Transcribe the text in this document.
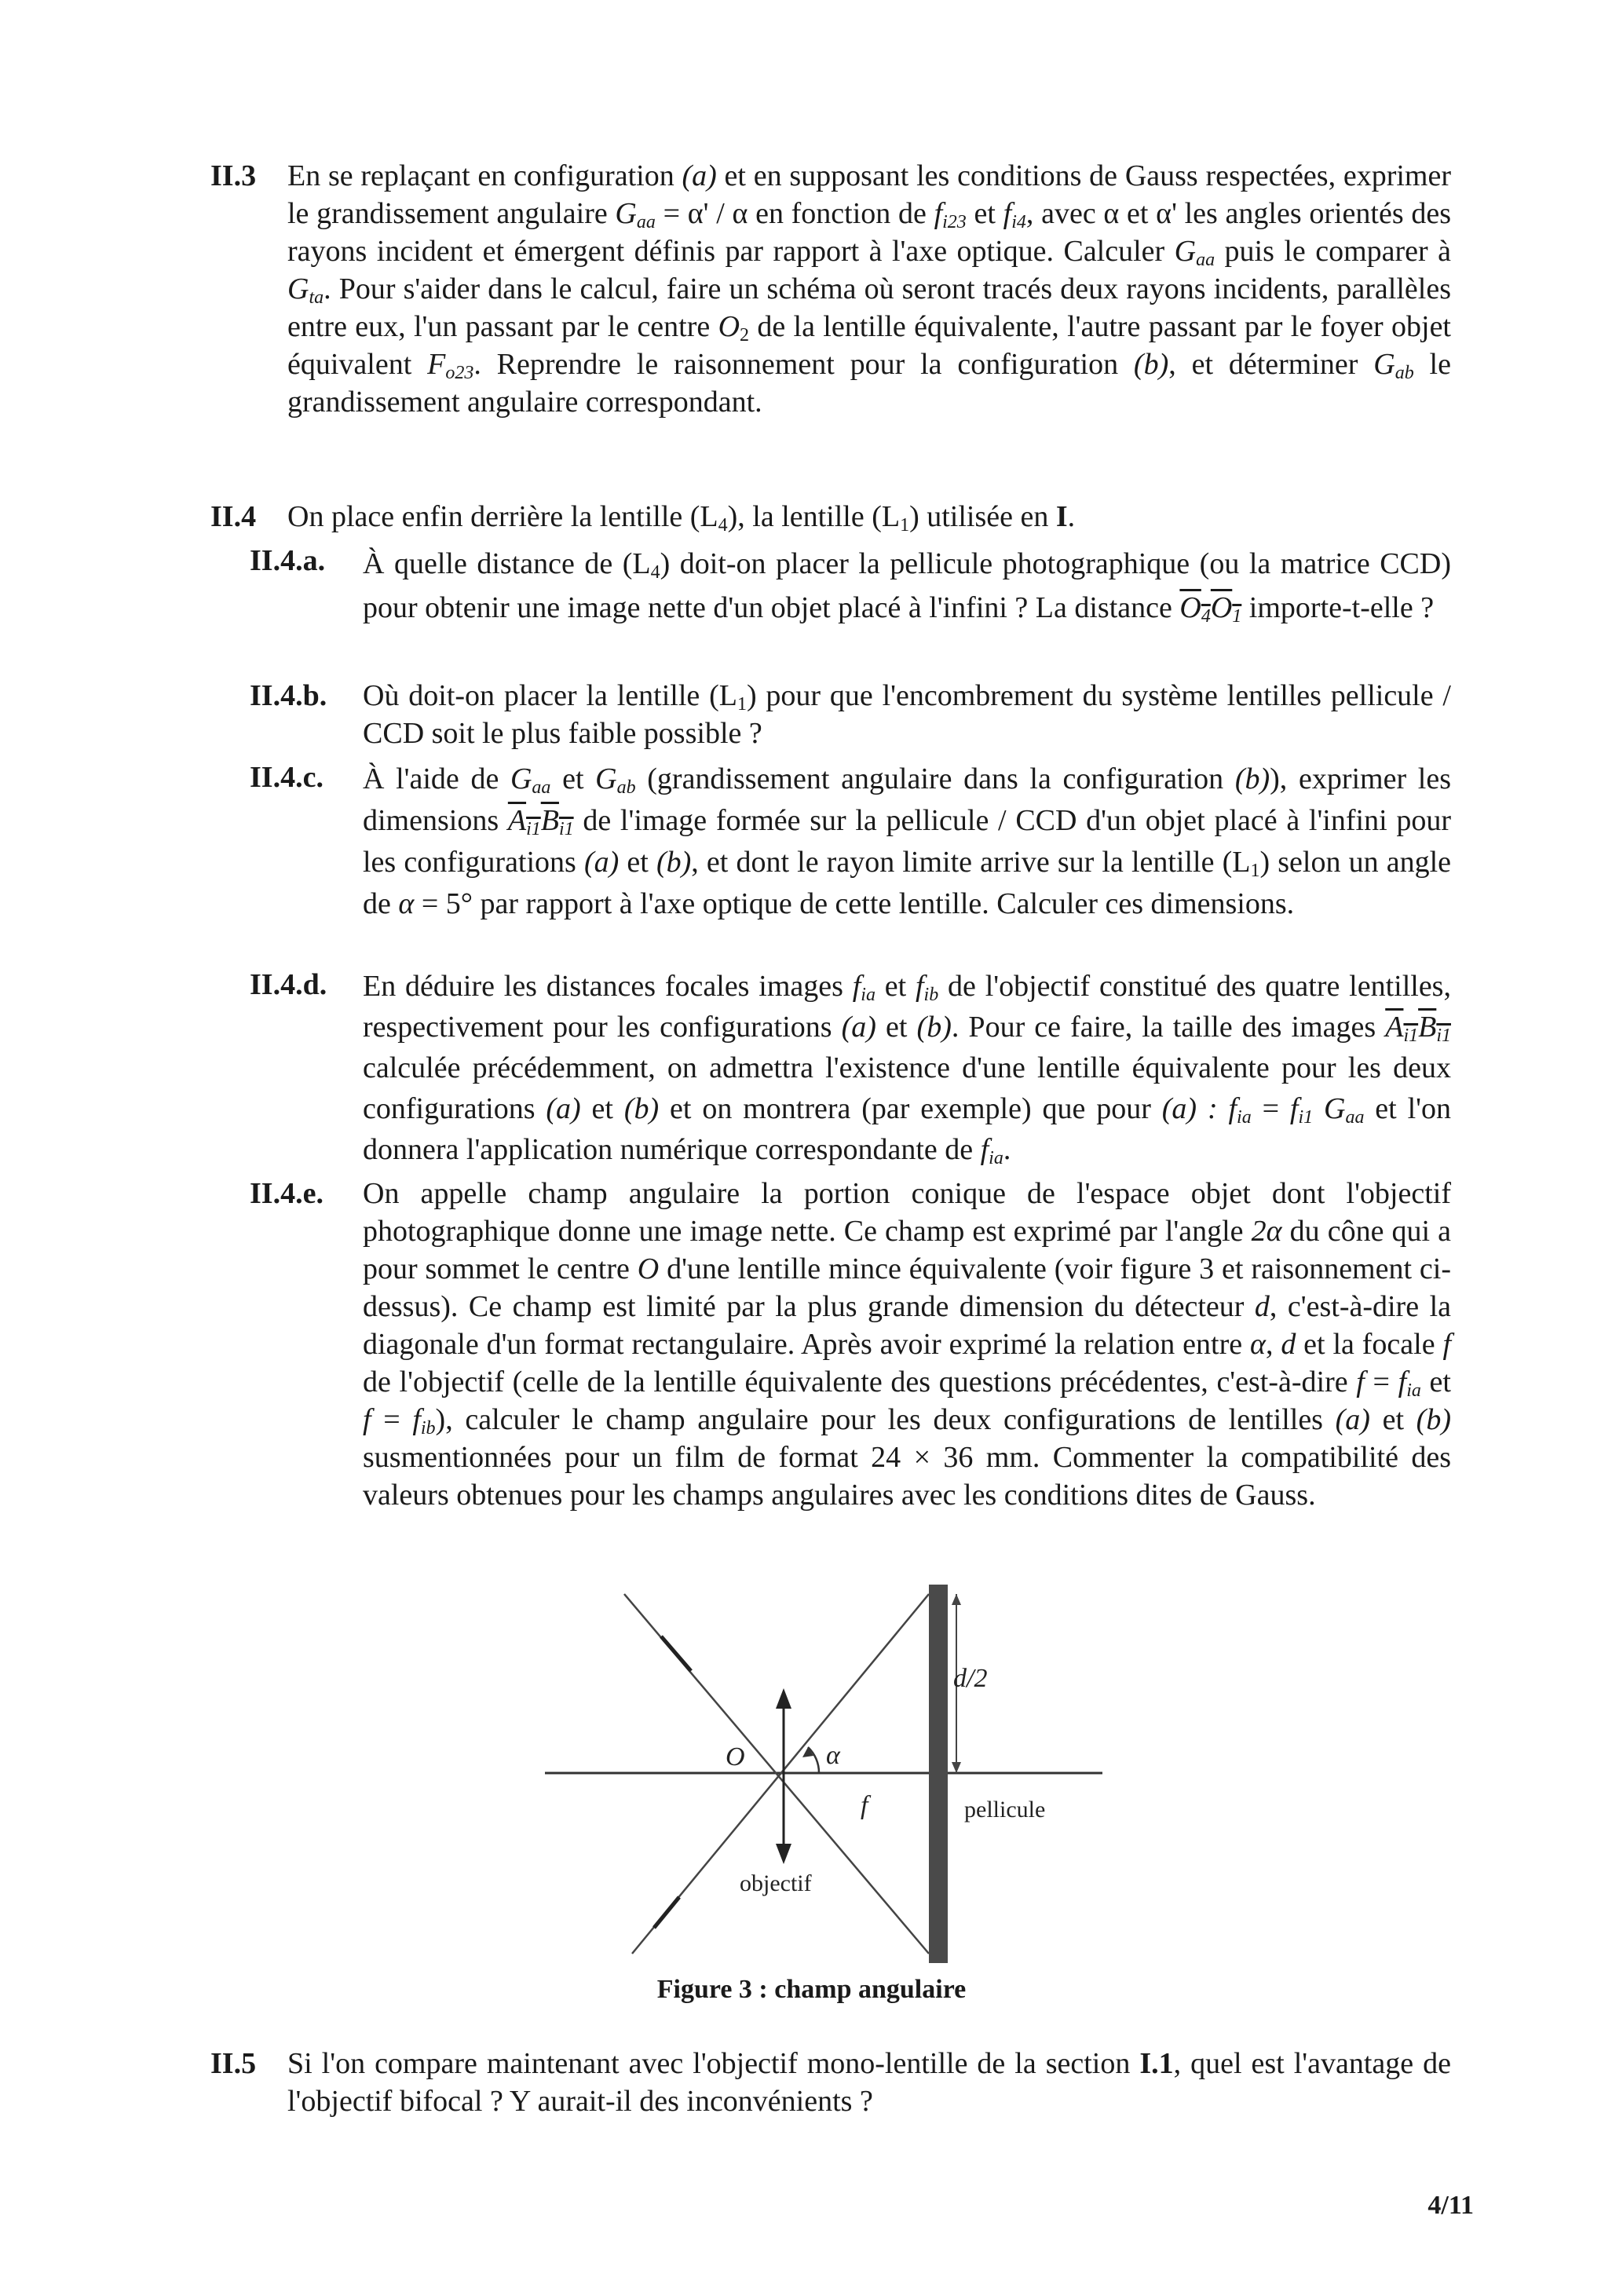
II.3 En se replaçant en configuration (a) et en supposant les conditions de Gauss respectées, exprimer le grandissement angulaire $G_{aa} = \alpha' / \alpha$ en fonction de $f_{i23}$ et $f_{i4}$, avec α et α' les angles orientés des rayons incident et émergent définis par rapport à l'axe optique. Calculer $G_{aa}$ puis le comparer à $G_{ta}$. Pour s'aider dans le calcul, faire un schéma où seront tracés deux rayons incidents, parallèles entre eux, l'un passant par le centre $O_2$ de la lentille équivalente, l'autre passant par le foyer objet équivalent $F_{o23}$. Reprendre le raisonnement pour la configuration (b), et déterminer $G_{ab}$ le grandissement angulaire correspondant.
II.4 On place enfin derrière la lentille $(L_4)$, la lentille $(L_1)$ utilisée en I.
II.4.a. À quelle distance de $(L_4)$ doit-on placer la pellicule photographique (ou la matrice CCD) pour obtenir une image nette d'un objet placé à l'infini ? La distance $O_4O_1$ importe-t-elle ?
II.4.b. Où doit-on placer la lentille $(L_1)$ pour que l'encombrement du système lentilles pellicule / CCD soit le plus faible possible ?
II.4.c. À l'aide de $G_{aa}$ et $G_{ab}$ (grandissement angulaire dans la configuration (b)), exprimer les dimensions $A_{i1}B_{i1}$ de l'image formée sur la pellicule / CCD d'un objet placé à l'infini pour les configurations (a) et (b), et dont le rayon limite arrive sur la lentille $(L_1)$ selon un angle de α = 5° par rapport à l'axe optique de cette lentille. Calculer ces dimensions.
II.4.d. En déduire les distances focales images $f_{ia}$ et $f_{ib}$ de l'objectif constitué des quatre lentilles, respectivement pour les configurations (a) et (b). Pour ce faire, la taille des images $A_{i1}B_{i1}$ calculée précédemment, on admettra l'existence d'une lentille équivalente pour les deux configurations (a) et (b) et on montrera (par exemple) que pour (a) : $f_{ia} = f_{i1}$ $G_{aa}$ et l'on donnera l'application numérique correspondante de $f_{ia}$.
II.4.e. On appelle champ angulaire la portion conique de l'espace objet dont l'objectif photographique donne une image nette. Ce champ est exprimé par l'angle 2α du cône qui a pour sommet le centre O d'une lentille mince équivalente (voir figure 3 et raisonnement ci-dessus). Ce champ est limité par la plus grande dimension du détecteur d, c'est-à-dire la diagonale d'un format rectangulaire. Après avoir exprimé la relation entre α, d et la focale f de l'objectif (celle de la lentille équivalente des questions précédentes, c'est-à-dire $f = f_{ia}$ et $f = f_{ib}$), calculer le champ angulaire pour les deux configurations de lentilles (a) et (b) susmentionnées pour un film de format 24 × 36 mm. Commenter la compatibilité des valeurs obtenues pour les champs angulaires avec les conditions dites de Gauss.
O	α
d/2
f	pellicule
objectif
Figure 3 : champ angulaire
II.5 Si l'on compare maintenant avec l'objectif mono-lentille de la section I.1, quel est l'avantage de l'objectif bifocal ? Y aurait-il des inconvénients ?
4/11
